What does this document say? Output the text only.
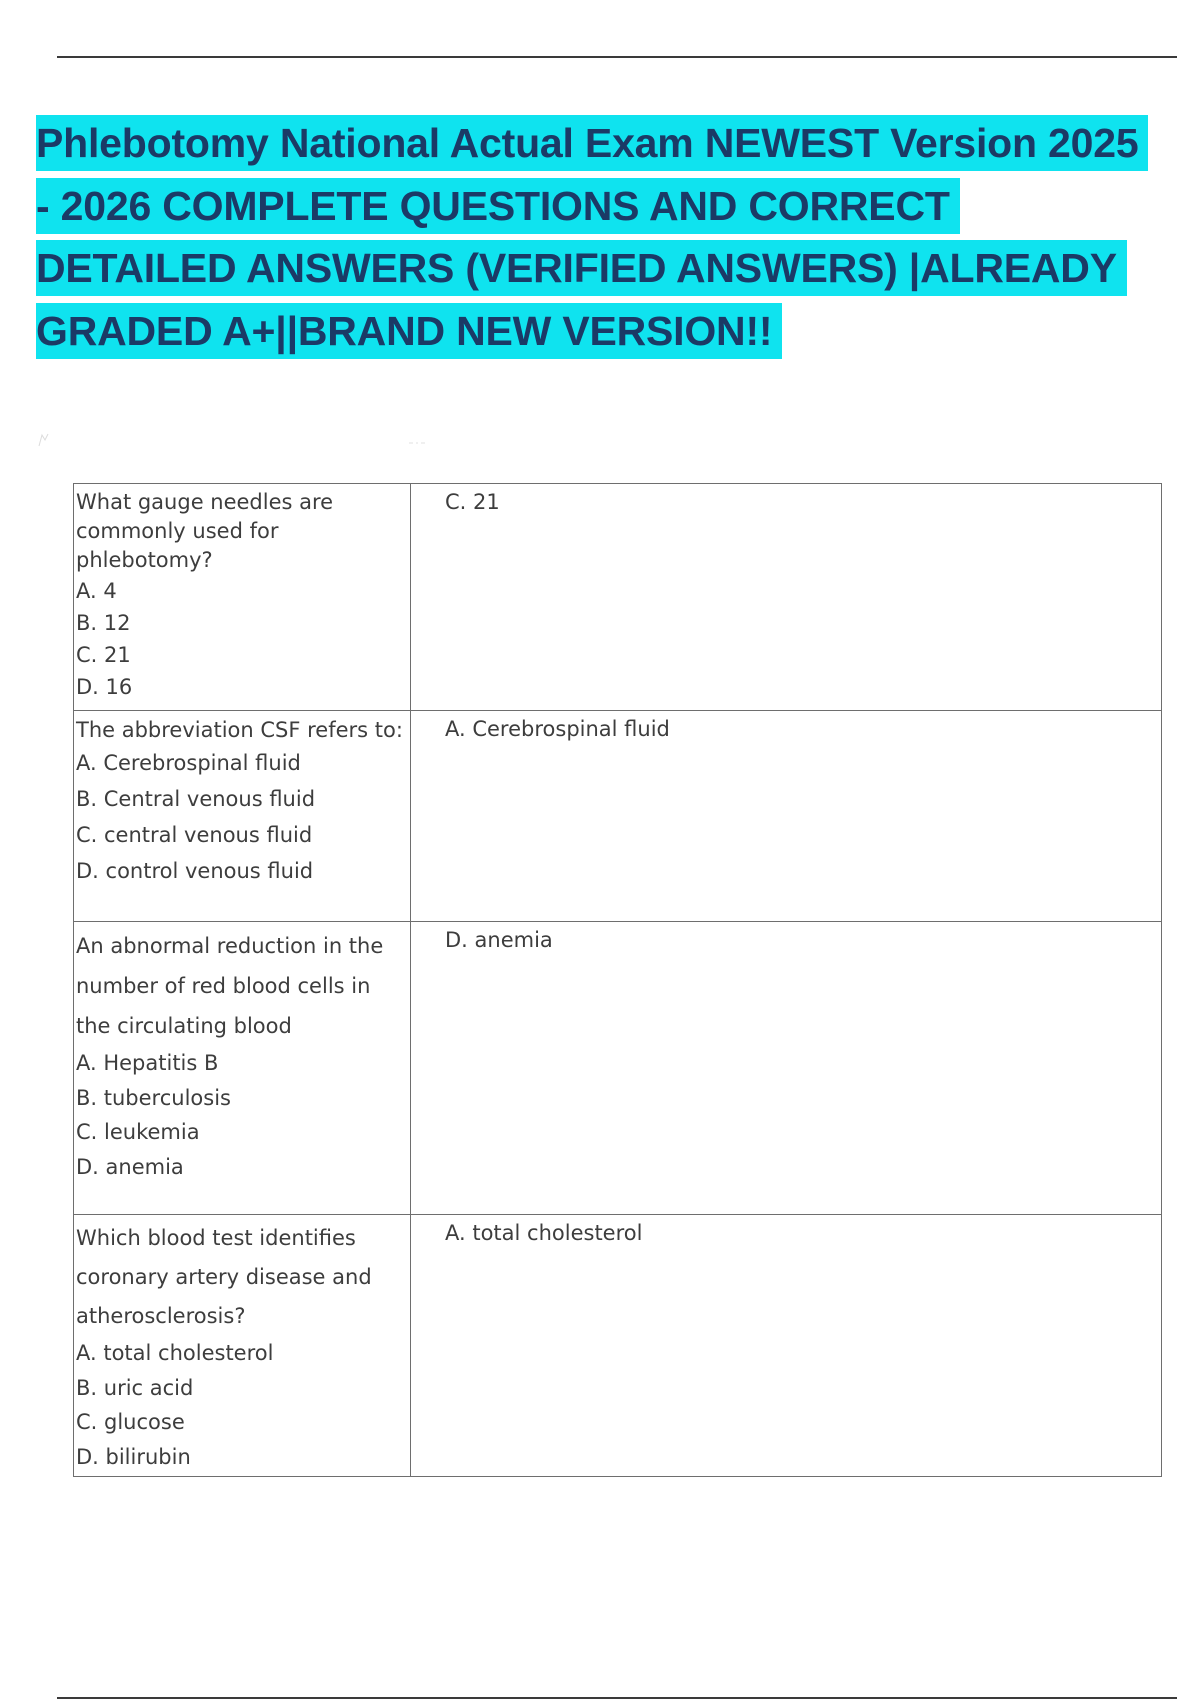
Phlebotomy National Actual Exam NEWEST Version 2025 - 2026 COMPLETE QUESTIONS AND CORRECT DETAILED ANSWERS (VERIFIED ANSWERS) |ALREADY GRADED A+||BRAND NEW VERSION!!
What gauge needles are commonly used for phlebotomy?
A. 4
B. 12
C. 21
D. 16	C. 21

The abbreviation CSF refers to:
A. Cerebrospinal fluid
B. Central venous fluid
C. central venous fluid
D. control venous fluid	A. Cerebrospinal fluid

An abnormal reduction in the number of red blood cells in the circulating blood
A. Hepatitis B
B. tuberculosis
C. leukemia
D. anemia	D. anemia

Which blood test identifies coronary artery disease and atherosclerosis?
A. total cholesterol
B. uric acid
C. glucose
D. bilirubin	A. total cholesterol
